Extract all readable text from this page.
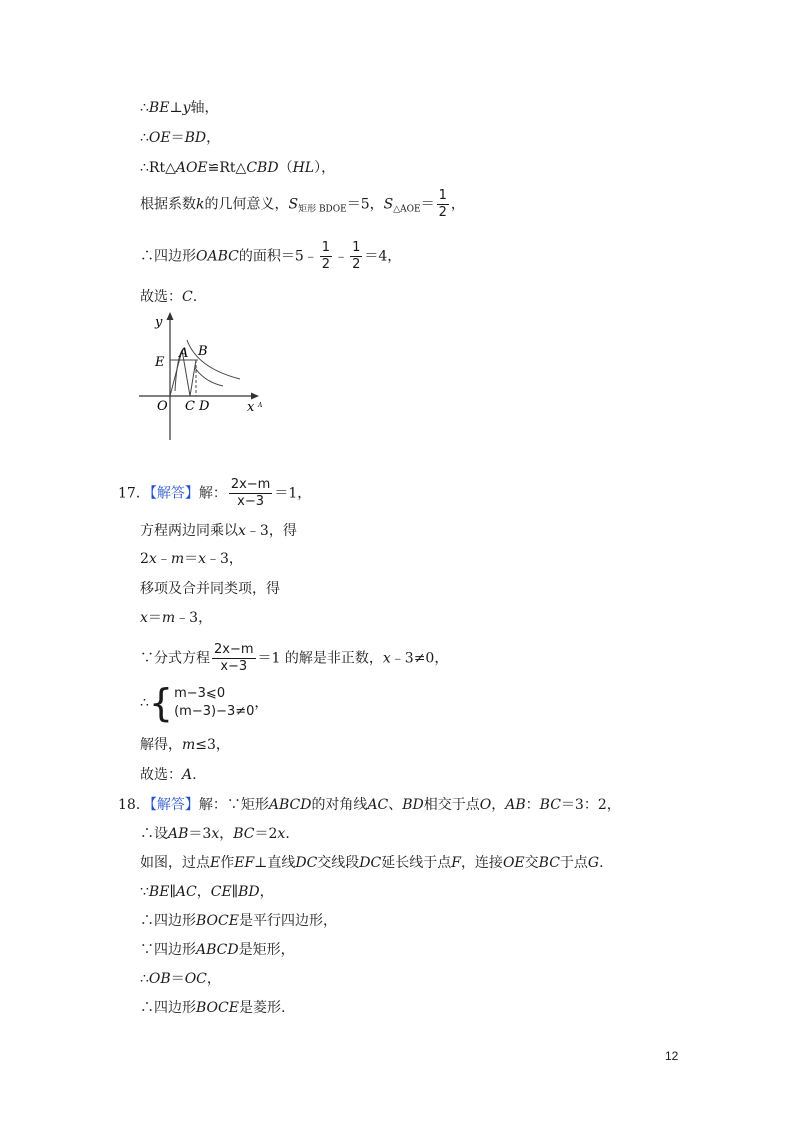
∴BE⊥y轴，
∴OE＝BD，
∴Rt△AOE≌Rt△CBD（HL），
根据系数k的几何意义，$S_{矩形 BDOE}=5$，$S_{\triangle AOE}= \frac{1}{2}$ ，
∴四边形OABC的面积＝5﹣ $\frac{1}{2}$ ﹣ $\frac{1}{2} =4$，
故选：C.
y
A B
E
O C D	x A
17．【解答】解： $\frac{2x-m}{x-3} =1$，
方程两边同乘以x﹣3，得
2x﹣m＝x﹣3，
移项及合并同类项，得
x＝m﹣3，
∵分式方程 $\frac{2x-m}{x-3} =1$ 的解是非正数，x﹣3≠0，
∴{ m−3⩽0
(m−3)−3≠0
，
解得，m≤3，
故选：A.
18．【解答】解：∵矩形ABCD的对角线AC、BD相交于点O，AB：BC＝3：2，
∴设AB＝3x，BC＝2x.
如图，过点E作EF⊥直线DC交线段DC延长线于点F，连接OE交BC于点G.
∵BE∥AC，CE∥BD，
∴四边形BOCE是平行四边形，
∵四边形ABCD是矩形，
∴OB＝OC，
∴四边形BOCE是菱形.
12
